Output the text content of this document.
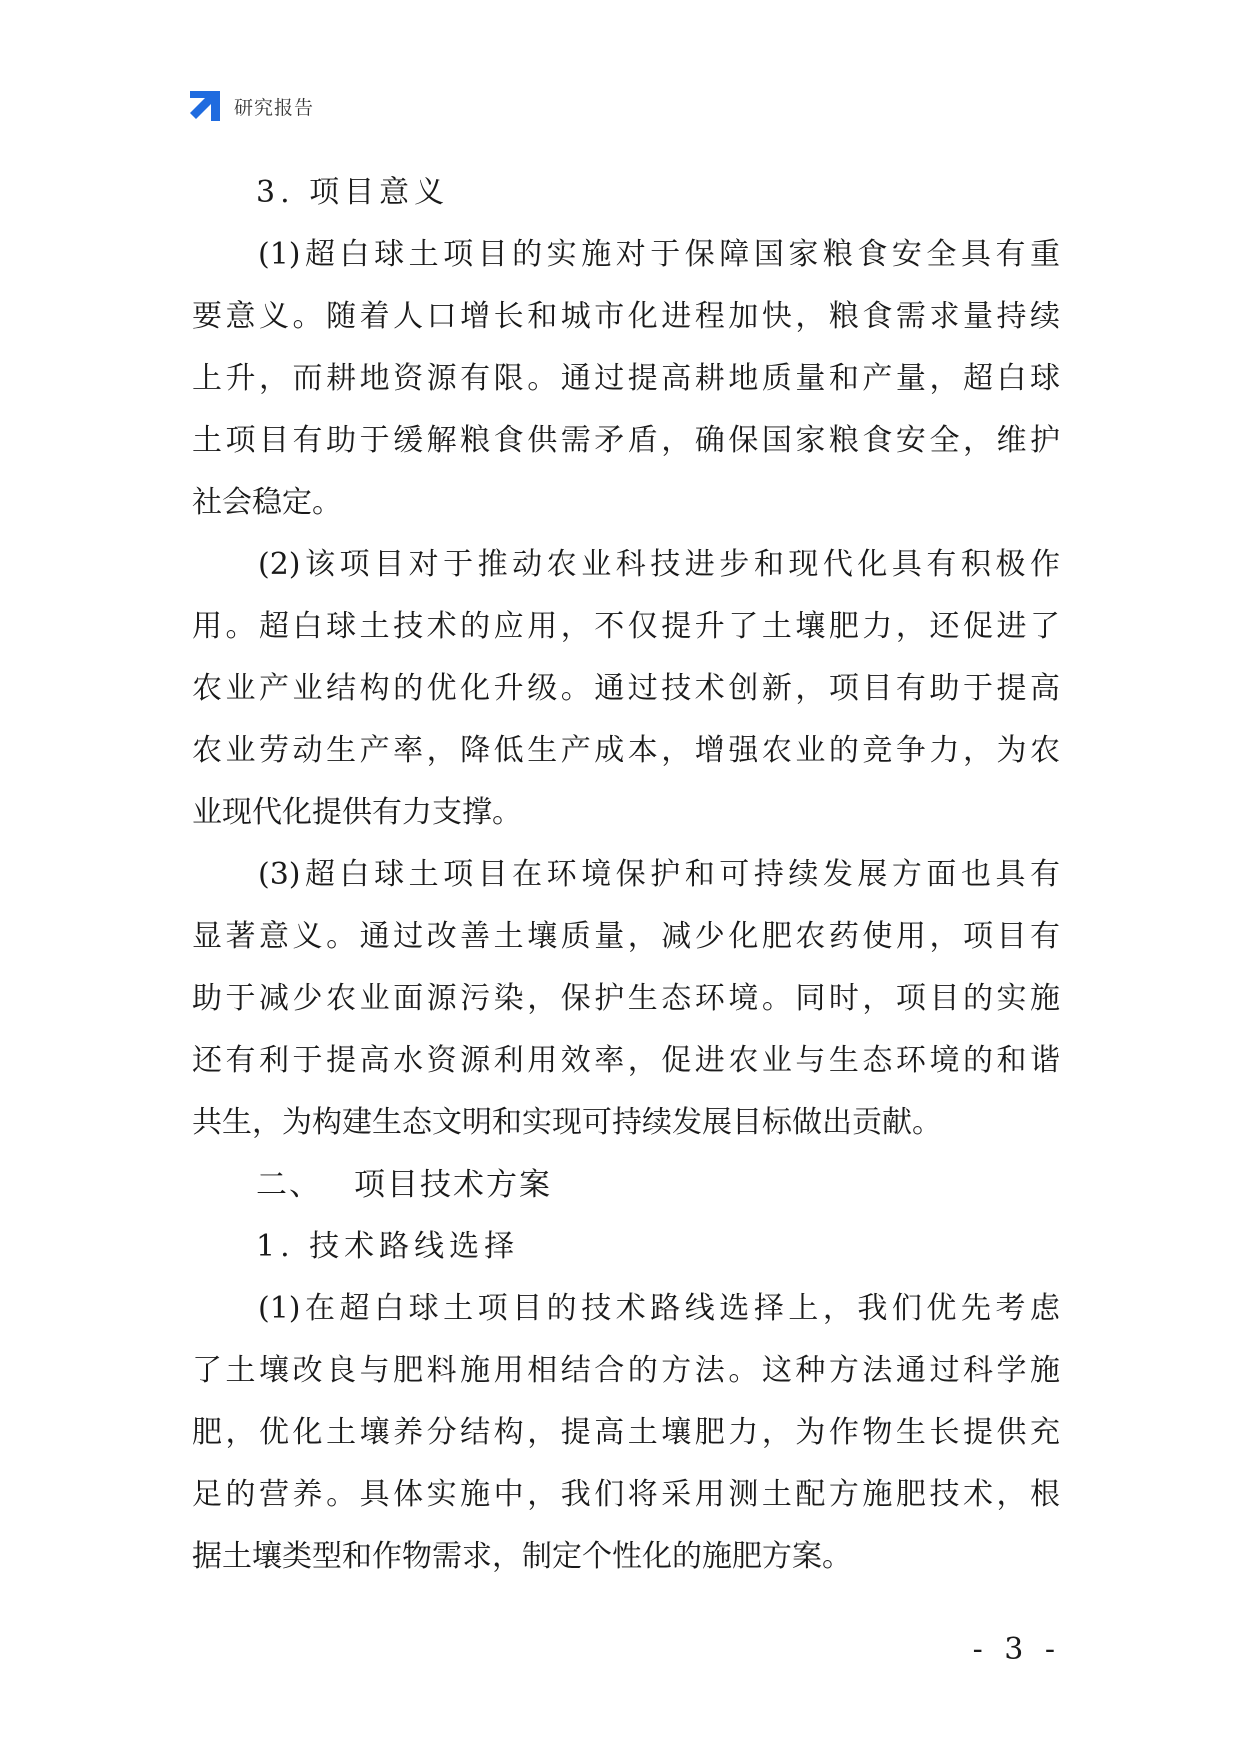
研究报告
3. 项目意义
(1)超白球土项目的实施对于保障国家粮食安全具有重
要意义。随着人口增长和城市化进程加快，粮食需求量持续
上升，而耕地资源有限。通过提高耕地质量和产量，超白球
土项目有助于缓解粮食供需矛盾，确保国家粮食安全，维护
社会稳定。
(2)该项目对于推动农业科技进步和现代化具有积极作
用。超白球土技术的应用，不仅提升了土壤肥力，还促进了
农业产业结构的优化升级。通过技术创新，项目有助于提高
农业劳动生产率，降低生产成本，增强农业的竞争力，为农
业现代化提供有力支撑。
(3)超白球土项目在环境保护和可持续发展方面也具有
显著意义。通过改善土壤质量，减少化肥农药使用，项目有
助于减少农业面源污染，保护生态环境。同时，项目的实施
还有利于提高水资源利用效率，促进农业与生态环境的和谐
共生，为构建生态文明和实现可持续发展目标做出贡献。
二、 项目技术方案
1. 技术路线选择
(1)在超白球土项目的技术路线选择上，我们优先考虑
了土壤改良与肥料施用相结合的方法。这种方法通过科学施
肥，优化土壤养分结构，提高土壤肥力，为作物生长提供充
足的营养。具体实施中，我们将采用测土配方施肥技术，根
据土壤类型和作物需求，制定个性化的施肥方案。
- 3 -
